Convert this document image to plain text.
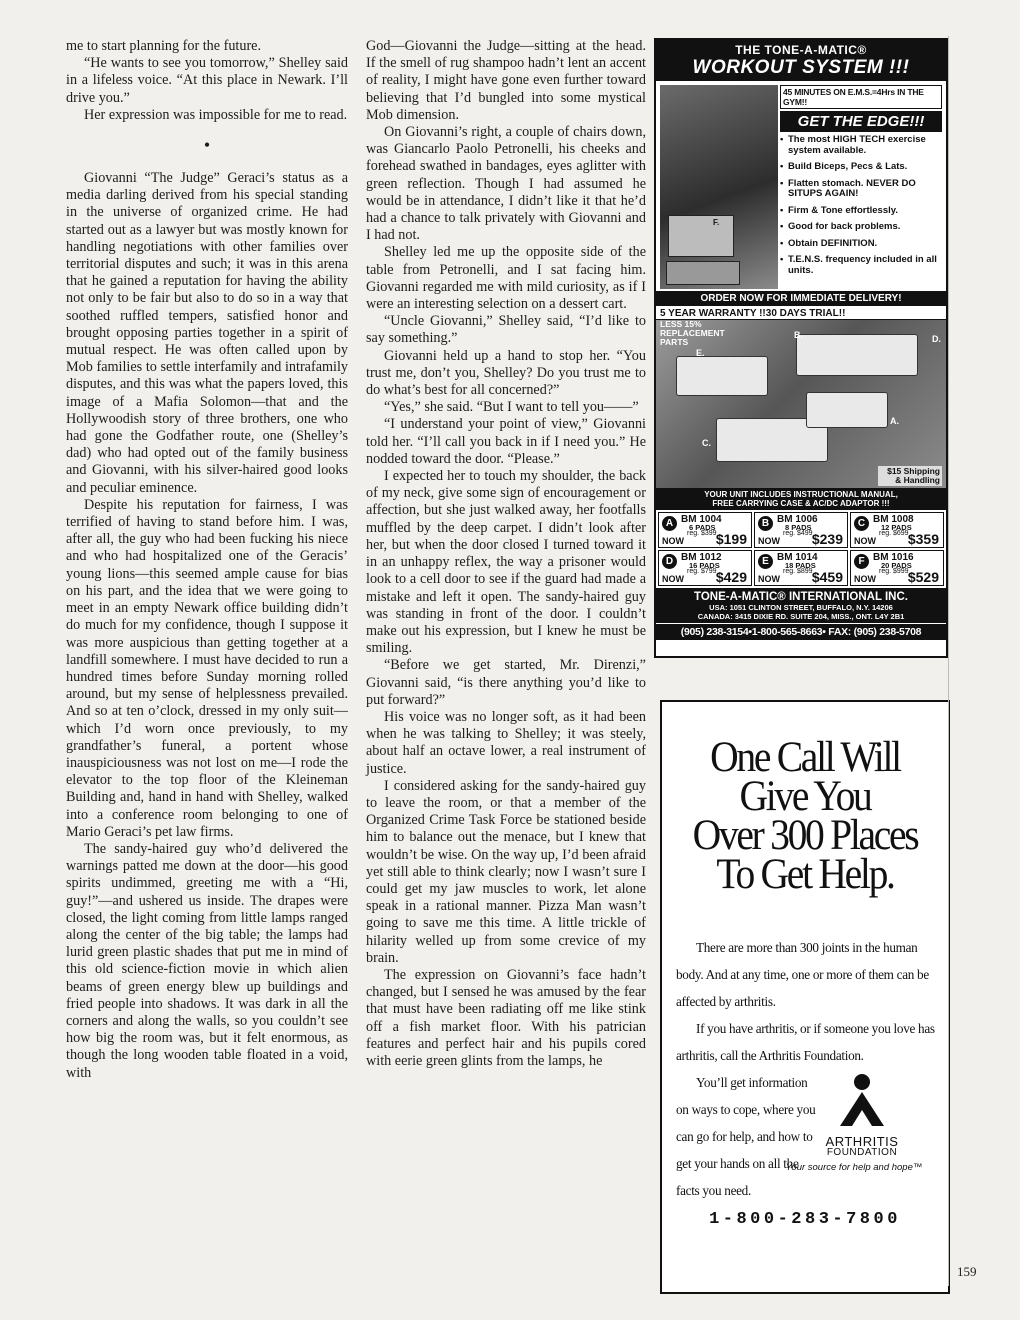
me to start planning for the future.

“He wants to see you tomorrow,” Shelley said in a lifeless voice. “At this place in Newark. I’ll drive you.”

Her expression was impossible for me to read.

•

Giovanni “The Judge” Geraci’s status as a media darling derived from his special standing in the universe of organized crime. He had started out as a lawyer but was mostly known for handling negotiations with other families over territorial disputes and such; it was in this arena that he gained a reputation for having the ability not only to be fair but also to do so in a way that soothed ruffled tempers, satisfied honor and brought opposing parties together in a spirit of mutual respect. He was often called upon by Mob families to settle interfamily and intrafamily disputes, and this was what the papers loved, this image of a Mafia Solomon—that and the Hollywoodish story of three brothers, one who had gone the Godfather route, one (Shelley’s dad) who had opted out of the family business and Giovanni, with his silver-haired good looks and peculiar eminence.

Despite his reputation for fairness, I was terrified of having to stand before him. I was, after all, the guy who had been fucking his niece and who had hospitalized one of the Geracis’ young lions—this seemed ample cause for bias on his part, and the idea that we were going to meet in an empty Newark office building didn’t do much for my confidence, though I suppose it was more auspicious than getting together at a landfill somewhere. I must have decided to run a hundred times before Sunday morning rolled around, but my sense of helplessness prevailed. And so at ten o’clock, dressed in my only suit—which I’d worn once previously, to my grandfather’s funeral, a portent whose inauspiciousness was not lost on me—I rode the elevator to the top floor of the Kleineman Building and, hand in hand with Shelley, walked into a conference room belonging to one of Mario Geraci’s pet law firms.

The sandy-haired guy who’d delivered the warnings patted me down at the door—his good spirits undimmed, greeting me with a “Hi, guy!”—and ushered us inside. The drapes were closed, the light coming from little lamps ranged along the center of the big table; the lamps had lurid green plastic shades that put me in mind of this old science-fiction movie in which alien beams of green energy blew up buildings and fried people into shadows. It was dark in all the corners and along the walls, so you couldn’t see how big the room was, but it felt enormous, as though the long wooden table floated in a void, with

God—Giovanni the Judge—sitting at the head. If the smell of rug shampoo hadn’t lent an accent of reality, I might have gone even further toward believing that I’d bungled into some mystical Mob dimension.

On Giovanni’s right, a couple of chairs down, was Giancarlo Paolo Petronelli, his cheeks and forehead swathed in bandages, eyes aglitter with green reflection. Though I had assumed he would be in attendance, I didn’t like it that he’d had a chance to talk privately with Giovanni and I had not.

Shelley led me up the opposite side of the table from Petronelli, and I sat facing him. Giovanni regarded me with mild curiosity, as if I were an interesting selection on a dessert cart.

“Uncle Giovanni,” Shelley said, “I’d like to say something.”

Giovanni held up a hand to stop her. “You trust me, don’t you, Shelley? Do you trust me to do what’s best for all concerned?”

“Yes,” she said. “But I want to tell you——”

“I understand your point of view,” Giovanni told her. “I’ll call you back in if I need you.” He nodded toward the door. “Please.”

I expected her to touch my shoulder, the back of my neck, give some sign of encouragement or affection, but she just walked away, her footfalls muffled by the deep carpet. I didn’t look after her, but when the door closed I turned toward it in an unhappy reflex, the way a prisoner would look to a cell door to see if the guard had made a mistake and left it open. The sandy-haired guy was standing in front of the door. I couldn’t make out his expression, but I knew he must be smiling.

“Before we get started, Mr. Direnzi,” Giovanni said, “is there anything you’d like to put forward?”

His voice was no longer soft, as it had been when he was talking to Shelley; it was steely, about half an octave lower, a real instrument of justice.

I considered asking for the sandy-haired guy to leave the room, or that a member of the Organized Crime Task Force be stationed beside him to balance out the menace, but I knew that wouldn’t be wise. On the way up, I’d been afraid yet still able to think clearly; now I wasn’t sure I could get my jaw muscles to work, let alone speak in a rational manner. Pizza Man wasn’t going to save me this time. A little trickle of hilarity welled up from some crevice of my brain.

The expression on Giovanni’s face hadn’t changed, but I sensed he was amused by the fear that must have been radiating off me like stink off a fish market floor. With his patrician features and perfect hair and his pupils cored with eerie green glints from the lamps, he

THE TONE-A-MATIC®
WORKOUT SYSTEM !!!
F.
45 MINUTES ON E.M.S.=4Hrs IN THE GYM!!
GET THE EDGE!!!
• The most HIGH TECH exercise system available.
• Build Biceps, Pecs & Lats.
• Flatten stomach. NEVER DO SITUPS AGAIN!
• Firm & Tone effortlessly.
• Good for back problems.
• Obtain DEFINITION.
• T.E.N.S. frequency included in all units.
ORDER NOW FOR IMMEDIATE DELIVERY!
5 YEAR WARRANTY !!30 DAYS TRIAL!!
LESS 15% REPLACEMENT PARTS
B.	D.
E.
A.
C.
$15 Shipping & Handling
YOUR UNIT INCLUDES INSTRUCTIONAL MANUAL,
FREE CARRYING CASE & AC/DC ADAPTOR !!!
A BM 1004
6 PADS
reg. $399
NOW $199
B BM 1006
8 PADS
reg. $499
NOW $239
C BM 1008
12 PADS
reg. $699
NOW $359
D BM 1012
16 PADS
reg. $799
NOW $429
E BM 1014
18 PADS
reg. $899
NOW $459
F BM 1016
20 PADS
reg. $999
NOW $529
TONE-A-MATIC® INTERNATIONAL INC.
USA: 1051 CLINTON STREET, BUFFALO, N.Y. 14206
CANADA: 3415 DIXIE RD. SUITE 204, MISS., ONT. L4Y 2B1
(905) 238-3154•1-800-565-8663• FAX: (905) 238-5708
One Call Will
Give You
Over 300 Places
To Get Help.

There are more than 300 joints in the human body. And at any time, one or more of them can be affected by arthritis.

If you have arthritis, or if someone you love has arthritis, call the Arthritis Foundation.

You’ll get information on ways to cope, where you can go for help, and how to get your hands on all the facts you need.

ARTHRITIS
FOUNDATION
Your source for help and hope™
1-800-283-7800
159
